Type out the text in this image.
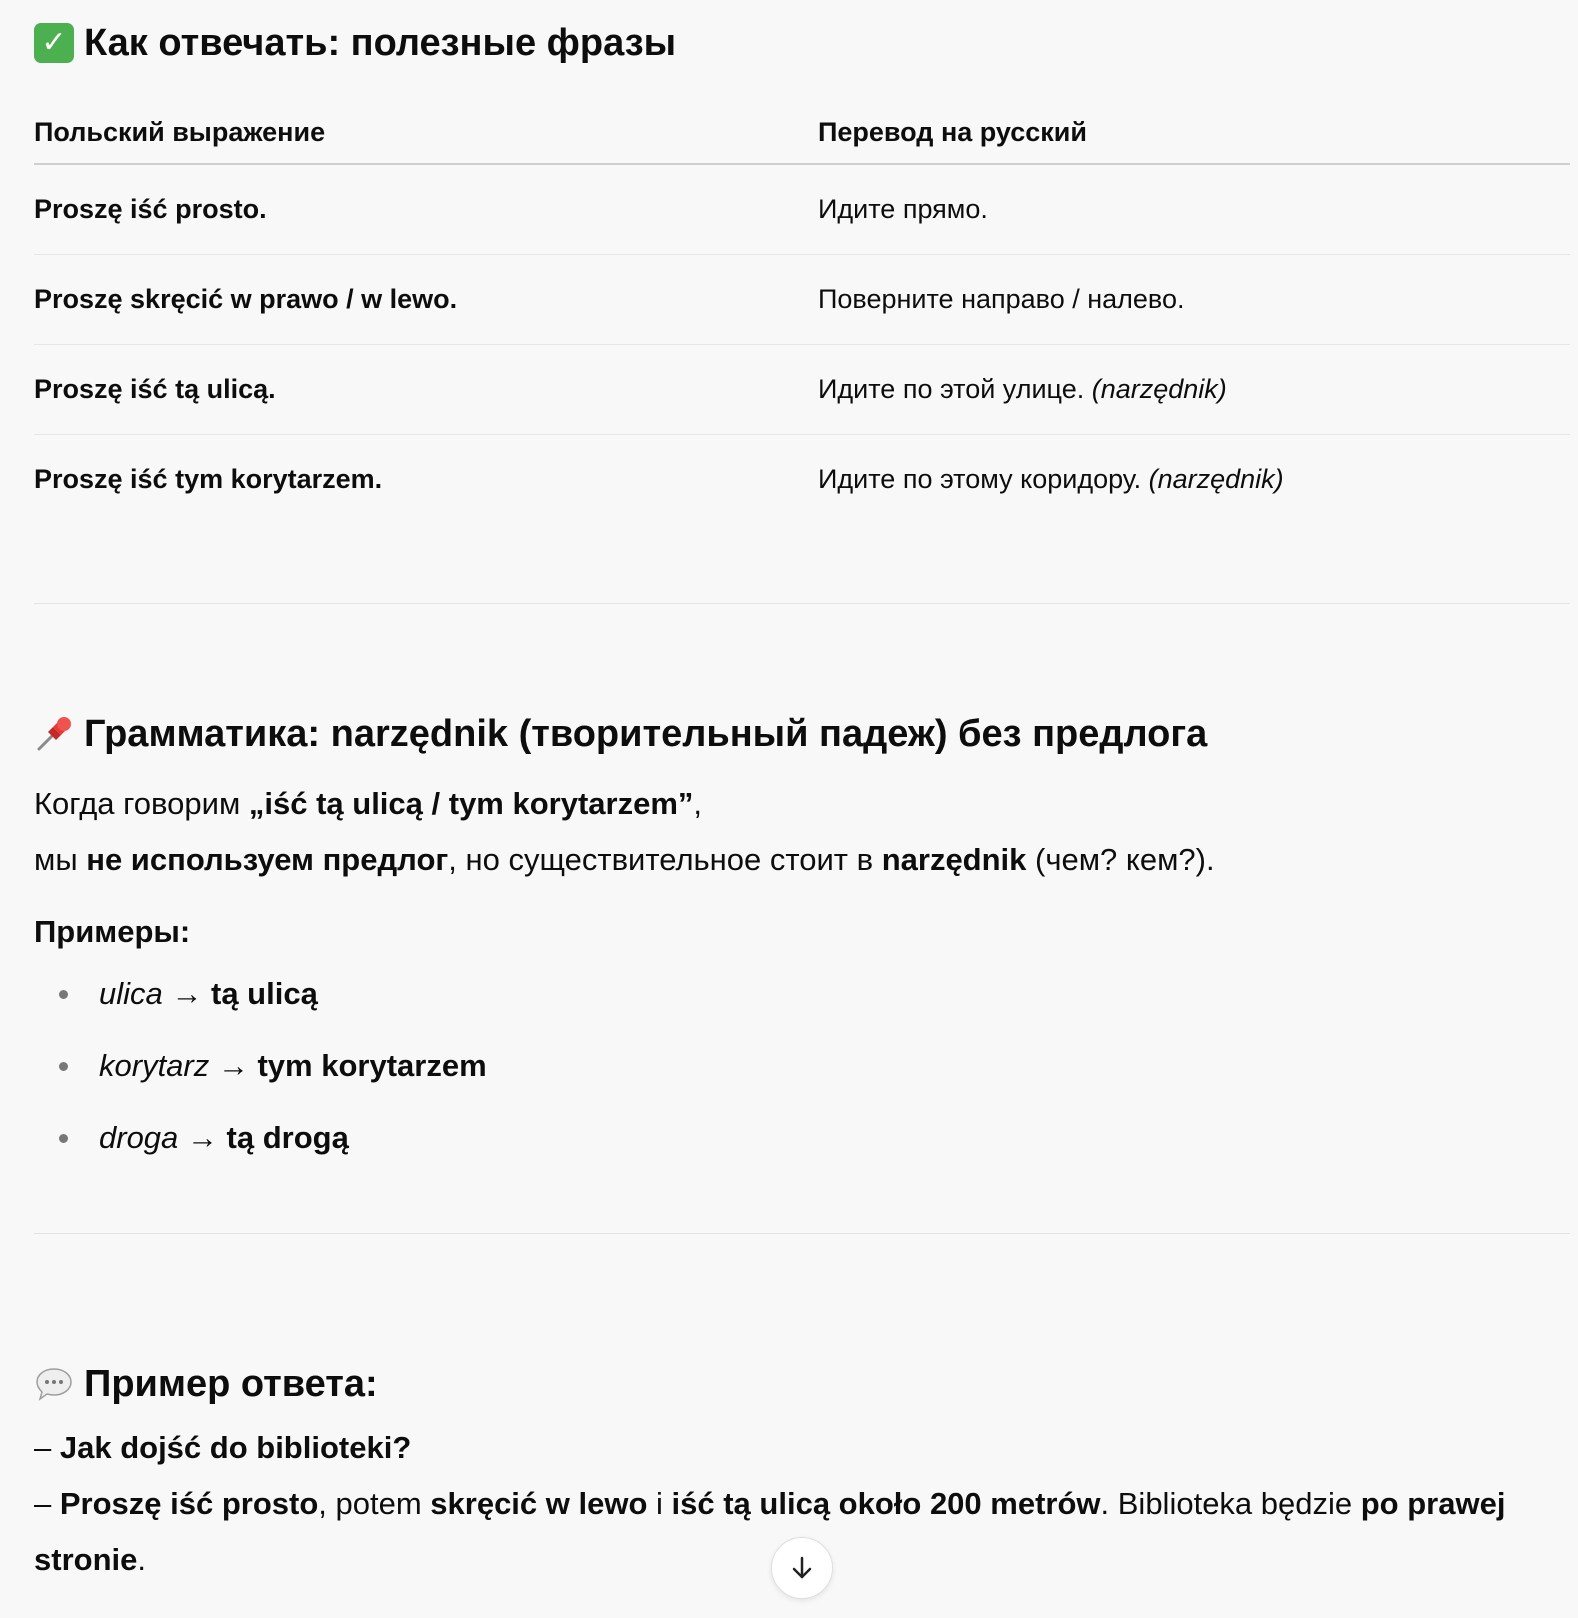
✓ Как отвечать: полезные фразы
Польский выражение	Перевод на русский
Proszę iść prosto.	Идите прямо.
Proszę skręcić w prawo / w lewo.	Поверните направо / налево.
Proszę iść tą ulicą.	Идите по этой улице. (narzędnik)
Proszę iść tym korytarzem.	Идите по этому коридору. (narzędnik)
Грамматика: narzędnik (творительный падеж) без предлога
Когда говорим „iść tą ulicą / tym korytarzem”,
мы не используем предлог, но существительное стоит в narzędnik (чем? кем?).
Примеры:
ulica → tą ulicą
korytarz → tym korytarzem
droga → tą drogą
Пример ответа:
– Jak dojść do biblioteki?
– Proszę iść prosto, potem skręcić w lewo i iść tą ulicą około 200 metrów. Biblioteka będzie po prawej stronie.
